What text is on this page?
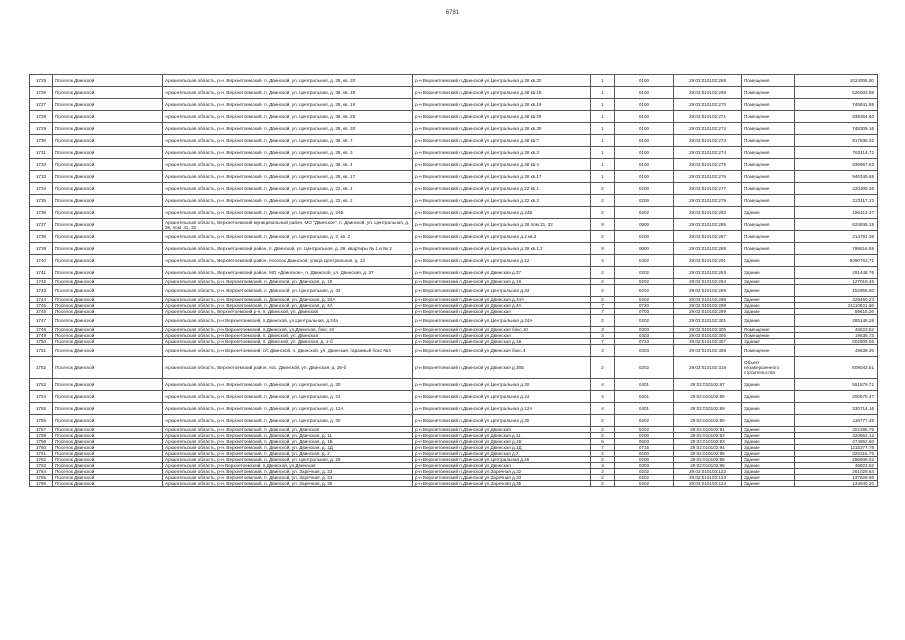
6781
1725	Поселок Двинской	Архангельская область, р-н. Верхнетоемский, п. Двинской, ул. Центральная, д. 38, кв. 20	р-н Верхнетоемский п.Двинской ул.Центральная д.38 кв.20	1	0100	29:02:010102:268	Помещение	1024006,00
1726	Поселок Двинской	Архангельская область, р-н. Верхнетоемский, п. Двинской, ул. Центральная, д. 38, кв. 18	р-н Верхнетоемский п.Двинской ул.Центральная д.38 кв.18	1	0100	29:02:010102:269	Помещение	626003.98
1727	Поселок Двинской	Архангельская область, р-н. Верхнетоемский, п. Двинской, ул. Центральная, д. 38, кв. 19	р-н Верхнетоемский п.Двинской ул.Центральная д.38 кв.19	1	0100	29:02:010102:270	Помещение	746841.88
1728	Поселок Двинской	Архангельская область, р-н. Верхнетоемский, п. Двинской, ул. Центральная, д. 38, кв. 29	р-н Верхнетоемский п.Двинской ул.Центральная д.38 кв.29	1	0100	29:02:010102:271	Помещение	939364.60
1729	Поселок Двинской	Архангельская область, р-н. Верхнетоемский, п. Двинской, ул. Центральная, д. 38, кв. 30	р-н Верхнетоемский п.Двинской ул.Центральная д.38 кв.30	1	0100	29:02:010102:272	Помещение	748309.16
1730	Поселок Двинской	Архангельская область, р-н. Верхнетоемский, п. Двинской, ул. Центральная, д. 38, кв. 7	р-н Верхнетоемский п.Двинской ул.Центральная д.38 кв.7	1	0100	29:02:010102:273	Помещение	817838.02
1731	Поселок Двинской	Архангельская область, р-н. Верхнетоемский, п. Двинской, ул. Центральная, д. 38, кв. 3	р-н Верхнетоемский п.Двинской ул.Центральная д.38 кв.3	1	0100	29:02:010102:274	Помещение	762114.72
1732	Поселок Двинской	Архангельская область, р-н. Верхнетоемский, п. Двинской, ул. Центральная, д. 38, кв. 4	р-н Верхнетоемский п.Двинской ул.Центральная д.38 кв.4	1	0100	29:02:010102:275	Помещение	936967.63
1733	Поселок Двинской	Архангельская область, р-н. Верхнетоемский, п. Двинской, ул. Центральная, д. 38, кв. 17	р-н Верхнетоемский п.Двинской ул.Центральная д.38 кв.17	1	0100	29:02:010102:276	Помещение	946349.88
1734	Поселок Двинской	Архангельская область, р-н. Верхнетоемский, п. Двинской, ул. Центральная, д. 22, кв. 1	р-н Верхнетоемский п.Двинской ул.Центральная д.22 кв.1	2	0200	29:02:010102:277	Помещение	220308.36
1735	Поселок Двинской	Архангельская область, р-н. Верхнетоемский, п. Двинской, ул. Центральная, д. 22, кв. 2	р-н Верхнетоемский п.Двинской ул.Центральная д.22 кв.2	2	0200	29:02:010102:278	Помещение	222117.23
1736	Поселок Двинской	Архангельская область, р-н. Верхнетоемский, п. Двинской, ул. Центральная, д. 24Б	р-н Верхнетоемский п.Двинской ул.Центральная д.24Б	2	0202	29:02:010102:282	Здание	196313.37
1737	Поселок Двинской	Архангельская область, Верхнетоемский муниципальный район, МО "Двинское", п. Двинской, ул. Центральная, д. 38, пом. 31, 32	р-н Верхнетоемский п.Двинской ул.Центральная д.38 пом.31, 32	9	0900	29:02:010102:285	Помещение	624938.18
1738	Поселок Двинской	Архангельская область, р-н. Верхнетоемский, п. Двинской, ул. Центральная, д. 2, кв. 2	р-н Верхнетоемский п.Двинской ул.Центральная д.2 кв.2	2	0200	29:02:010102:287	Помещение	214781.38
1739	Поселок Двинской	Архангельская область, Верхнетоемский район, п. Двинской, ул. Центральная, д. 39, квартиры № 1 и № 2	р-н Верхнетоемский п.Двинской ул.Центральная д.39 кв.1,2	9	0600	29:02:010102:288	Помещение	798616.59
1740	Поселок Двинской	Архангельская область, Верхнетоемский район, поселок Двинской, улица Центральная, д. 12	р-н Верхнетоемский п.Двинской ул.Центральная д.12	4	0402	29:02:010102:291	Здание	5090763,71
1741	Поселок Двинской	Архангельская область, Верхнетоемский район, МО «Двинское», п. Двинской, ул. Двинская, д. 37	р-н Верхнетоемский п.Двинской ул.Двинская д.37	2	0202	29:02:010102:293	Здание	291448.76
1742	Поселок Двинской	Архангельская область, р-н. Верхнетоемский, п. Двинской, ул. Двинская, д. 19	р-н Верхнетоемский п.Двинской ул.Двинская д.19	2	0202	29:02:010102:294	Здание	127019.46
1743	Поселок Двинской	Архангельская область, р-н. Верхнетоемский, п. Двинской, ул. Центральная, д. 34	р-н Верхнетоемский п.Двинской ул.Центральная д.34	2	0202	29:02:010102:295	Здание	152959.80
1744	Поселок Двинской	Архангельская область, р-н. Верхнетоемский, п. Двинской, ул. Двинская, д. 34А	р-н Верхнетоемский п.Двинской ул.Двинская д.34А	2	0202	29:02:010102:296	Здание	329450.23
1745	Поселок Двинской	Архангельская область, р-н. Верхнетоемский, п. Двинской, ул. Двинская, д. 4А	р-н Верхнетоемский п.Двинской ул.Двинская д.4А	7	0720	29:02:010102:298	Здание	21110821.56
1746	Поселок Двинской	Архангельская область, Верхнетоемский р-н, п. Двинской, ул. Двинская	р-н Верхнетоемский п.Двинской ул.Двинская	7	0703	29:02:010102:299	Здание	59615.26
1747	Поселок Двинской	Архангельская область, р-н Верхнетоемский, п.Двинской, ул.Центральная, д.24а	р-н Верхнетоемский п.Двинской ул.Центральная д.24А	2	0202	29:02:010102:301	Здание	285148.28
1748	Поселок Двинской	Архангельская область, р-н Верхнетоемский, п.Двинской, ул.Двинская, бокс 10	р-н Верхнетоемский п.Двинской ул.Двинская бокс.10	3	0303	29:02:010102:305	Помещение	46823.52
1749	Поселок Двинской	Архангельская область, р-н Верхнетоемский, п. Двинской, ул. Двинская	р-н Верхнетоемский п.Двинской ул.Двинская	3	0303	29:02:010102:306	Помещение	19635.73
1750	Поселок Двинской	Архангельская область, р-н Верхнетоемский, п. Двинской, ул. Двинская, д. 1-б	р-н Верхнетоемский п.Двинской ул.Двинская д.1Б	7	0723	29:02:010102:307	Здание	602809.05
1751	Поселок Двинской	Архангельская область, р-н Верхнетоемский, с/с Двинской, п. Двинской, ул. Двинская, гаражный бокс №4	р-н Верхнетоемский п.Двинской ул.Двинская бокс.4	3	0303	29:02:010102:308	Помещение	49638.26
1752	Поселок Двинской	Архангельская область, Верхнетоемский район, пос. Двинской, ул. Двинская, д. 36-б	р-н Верхнетоемский п.Двинской ул.Двинская д.36Б	2	0202	29:02:010102:318	Объект незавершенного строительства	609043.51
1753	Поселок Двинской	Архангельская область, р-н. Верхнетоемский, п. Двинской, ул. Центральная, д. 30	р-н Верхнетоемский п.Двинской ул.Центральная д.30	4	0401	29:02:010102:87	Здание	551879.71
1754	Поселок Двинской	Архангельская область, р-н. Верхнетоемский, п. Двинской, ул. Центральная, д. 24	р-н Верхнетоемский п.Двинской ул.Центральная д.24	4	0401	29:02:010102:88	Здание	200675.47
1755	Поселок Двинской	Архангельская область, р-н. Верхнетоемский, п. Двинской, ул. Центральная, д. 12А	р-н Верхнетоемский п.Двинской ул.Центральная д.12А	4	0401	29:02:010102:89	Здание	330714.16
1756	Поселок Двинской	Архангельская область, р-н. Верхнетоемский, п. Двинской, ул. Центральная, д. 30	р-н Верхнетоемский п.Двинской ул.Центральная д.30	2	0202	29:02:010102:90	Здание	116777.45
1757	Поселок Двинской	Архангельская область, р-н. Верхнетоемский, п. Двинской, ул. Двинская	р-н Верхнетоемский п.Двинской ул.Двинская	2	0202	29:02:010102:91	Здание	202395.75
1758	Поселок Двинской	Архангельская область, р-н. Верхнетоемский, п. Двинской, ул. Двинская, д. 11	р-н Верхнетоемский п.Двинской ул.Двинская д.11	2	0200	29:02:010102:92	Здание	320862.12
1759	Поселок Двинской	Архангельская область, р-н. Верхнетоемский, п. Двинской, ул. Двинская, д. 1Б	р-н Верхнетоемский п.Двинской ул.Двинская д.1Б	6	0603	29:02:010102:93	Здание	474952.60
1760	Поселок Двинской	Архангельская область, р-н. Верхнетоемский, п. Двинской, ул. Двинская, д. 1Д	р-н Верхнетоемский п.Двинской ул.Двинская д.1Д	7	0715	29:02:010102:94	Здание	1115377.78
1761	Поселок Двинской	Архангельская область, р-н. Верхнетоемский, п. Двинской, ул. Двинская, д. 2	р-н Верхнетоемский п.Двинской ул.Двинская д.2	2	0200	29:02:010102:95	Здание	325316.75
1762	Поселок Двинской	Архангельская область, р-н. Верхнетоемский, п. Двинской, ул. Центральная, д. 26	р-н Верхнетоемский п.Двинской ул.Центральная д.26	2	0200	29:02:010102:96	Здание	286808.02
1763	Поселок Двинской	Архангельская область, р-н Верхнетоемский, п.Двинской, ул.Двинская	р-н Верхнетоемский п.Двинской ул.Двинская	3	0303	29:02:010102:98	Здание	46823.52
1764	Поселок Двинской	Архангельская область, р-н. Верхнетоемский, п. Двинской, ул. Заречная, д. 32	р-н Верхнетоемский п.Двинской ул.Заречная д.32	2	0202	29:02:010103:122	Здание	261029.84
1765	Поселок Двинской	Архангельская область, р-н. Верхнетоемский, п. Двинской, ул. Заречная, д. 33	р-н Верхнетоемский п.Двинской ул.Заречная д.33	2	0202	29:02:010103:123	Здание	137628.96
1766	Поселок Двинской	Архангельская область, р-н. Верхнетоемский, п. Двинской, ул. Заречная, д. 35	р-н Верхнетоемский п.Двинской ул.Заречная д.35	2	0202	29:02:010103:124	Здание	134940.20
